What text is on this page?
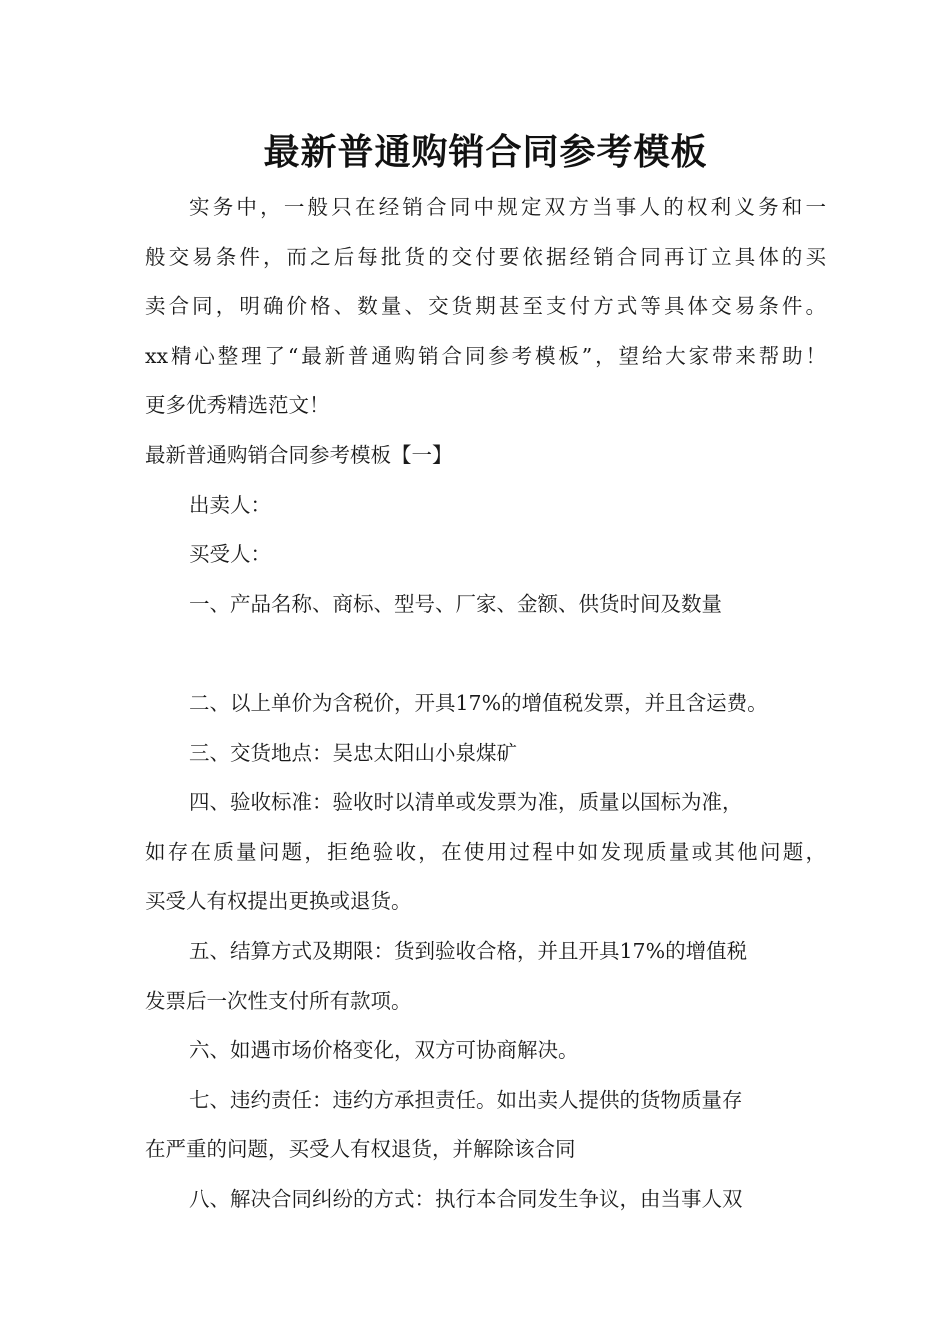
最新普通购销合同参考模板

实务中，一般只在经销合同中规定双方当事人的权利义务和一

般交易条件，而之后每批货的交付要依据经销合同再订立具体的买

卖合同，明确价格、数量、交货期甚至支付方式等具体交易条件。

xx精心整理了“最新普通购销合同参考模板”，望给大家带来帮助！

更多优秀精选范文！

最新普通购销合同参考模板【一】

出卖人：

买受人：

一、产品名称、商标、型号、厂家、金额、供货时间及数量

二、以上单价为含税价，开具17%的增值税发票，并且含运费。

三、交货地点：吴忠太阳山小泉煤矿

四、验收标准：验收时以清单或发票为准，质量以国标为准，

如存在质量问题，拒绝验收，在使用过程中如发现质量或其他问题，

买受人有权提出更换或退货。

五、结算方式及期限：货到验收合格，并且开具17%的增值税

发票后一次性支付所有款项。

六、如遇市场价格变化，双方可协商解决。

七、违约责任：违约方承担责任。如出卖人提供的货物质量存

在严重的问题，买受人有权退货，并解除该合同

八、解决合同纠纷的方式：执行本合同发生争议，由当事人双
